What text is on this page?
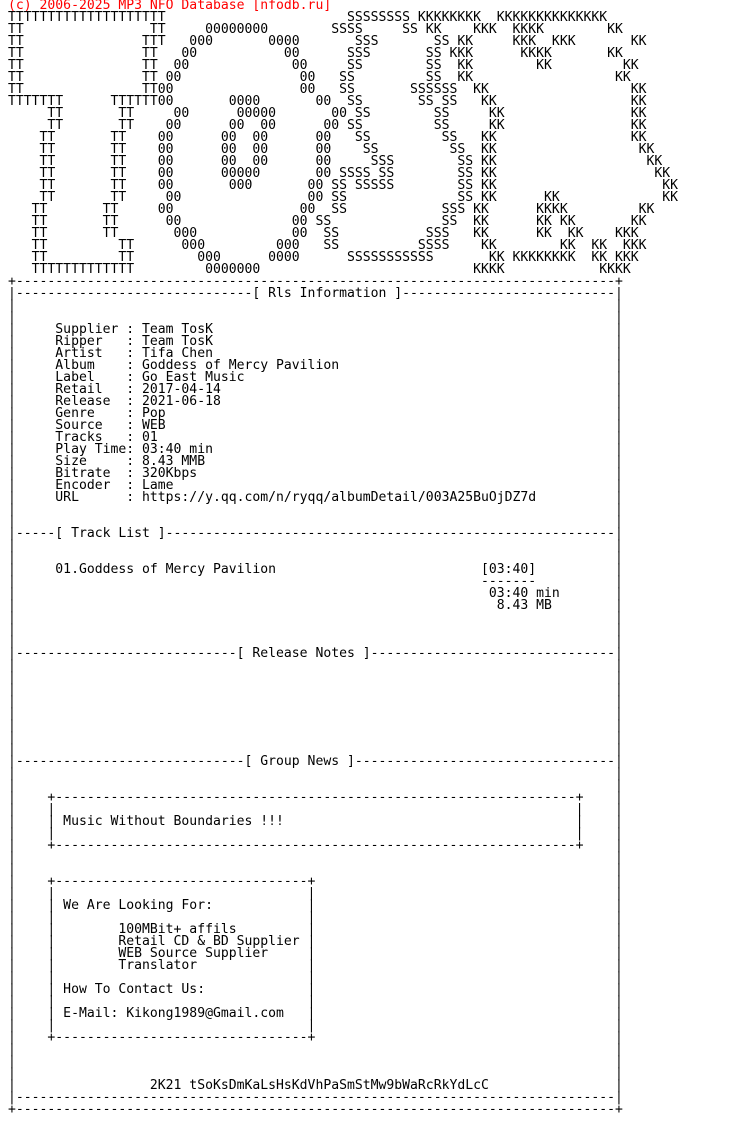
(c) 2006-2025 MP3 NFO Database [nfodb.ru]
TTTTTTTTTTTTTTTTTTTT                       SSSSSSSS KKKKKKKK  KKKKKKKKKKKKKK
TT                TT     00000000        SSSS     SS KK    KKK  KKKK        KK
TT               TTT   000       0000       SSS       SS KK     KKK  KKK       KK
TT               TT   00           00      SSS       SS KKK      KKKK       KK
TT               TT  00             00     SS        SS  KK        KK         KK
TT               TT 00               00   SS         SS  KK                  KK
TT               TT00                00   SS       SSSSSS  KK                  KK
TTTTTTT      TTTTTT00       0000       00  SS       SS SS   KK                 KK
TT       TT     00      00000       00 SS        SS     KK                KK
TT       TT    00      00  00      00 SS         SS     KK                KK
TT       TT    00      00  00      00   SS         SS   KK                 KK
TT       TT    00      00  00      00    SS         SS  KK                  KK
TT       TT    00      00  00      00     SSS        SS KK                   KK
TT       TT    00      00000       00 SSSS SS        SS KK                    KK
TT       TT    00       000       00 SS SSSSS        SS KK                     KK
TT       TT     00                00 SS              SS KK      KK             KK
TT       TT     00                00  SS            SSS KK      KKKK         KK
TT       TT      00              00 SS              SS  KK      KK KK       KK
TT       TT       000            00  SS           SSS   KK      KK  KK    KKK
TT         TT      000         000   SS          SSSS    KK        KK  KK  KKK
TT         TT        000      0000      SSSSSSSSSSS       KK KKKKKKKK  KK KKK
TTTTTTTTTTTTT         0000000                           KKKK            KKKK
+----------------------------------------------------------------------------+
|------------------------------[ Rls Information ]---------------------------|
|                                                                            |
|                                                                            |
|     Supplier : Team TosK                                                   |
|     Ripper   : Team TosK                                                   |
|     Artist   : Tifa Chen                                                   |
|     Album    : Goddess of Mercy Pavilion                                   |
|     Label    : Go East Music                                               |
|     Retail   : 2017-04-14                                                  |
|     Release  : 2021-06-18                                                  |
|     Genre    : Pop                                                         |
|     Source   : WEB                                                         |
|     Tracks   : 01                                                          |
|     Play Time: 03:40 min                                                   |
|     Size     : 8.43 MMB                                                    |
|     Bitrate  : 320Kbps                                                     |
|     Encoder  : Lame                                                        |
|     URL      : https://y.qq.com/n/ryqq/albumDetail/003A25BuOjDZ7d          |
|                                                                            |
|                                                                            |
|-----[ Track List ]---------------------------------------------------------|
|                                                                            |
|                                                                            |
|     01.Goddess of Mercy Pavilion                          [03:40]          |
|                                                           -------          |
|                                                            03:40 min       |
|                                                             8.43 MB        |
|                                                                            |
|                                                                            |
|                                                                            |
|----------------------------[ Release Notes ]-------------------------------|
|                                                                            |
|                                                                            |
|                                                                            |
|                                                                            |
|                                                                            |
|                                                                            |
|                                                                            |
|                                                                            |
|-----------------------------[ Group News ]---------------------------------|
|                                                                            |
|                                                                            |
|    +------------------------------------------------------------------+    |
|    |                                                                  |    |
|    | Music Without Boundaries !!!                                     |    |
|    |                                                                  |    |
|    +------------------------------------------------------------------+    |
|                                                                            |
|                                                                            |
|    +--------------------------------+                                      |
|    |                                |                                      |
|    | We Are Looking For:            |                                      |
|    |                                |                                      |
|    |        100MBit+ affils         |                                      |
|    |        Retail CD & BD Supplier |                                      |
|    |        WEB Source Supplier     |                                      |
|    |        Translator              |                                      |
|    |                                |                                      |
|    | How To Contact Us:             |                                      |
|    |                                |                                      |
|    | E-Mail: Kikong1989@Gmail.com   |                                      |
|    |                                |                                      |
|    +--------------------------------+                                      |
|                                                                            |
|                                                                            |
|                                                                            |
|                 2K21 tSoKsDmKaLsHsKdVhPaSmStMw9bWaRcRkYdLcC                |
|----------------------------------------------------------------------------|
+----------------------------------------------------------------------------+
